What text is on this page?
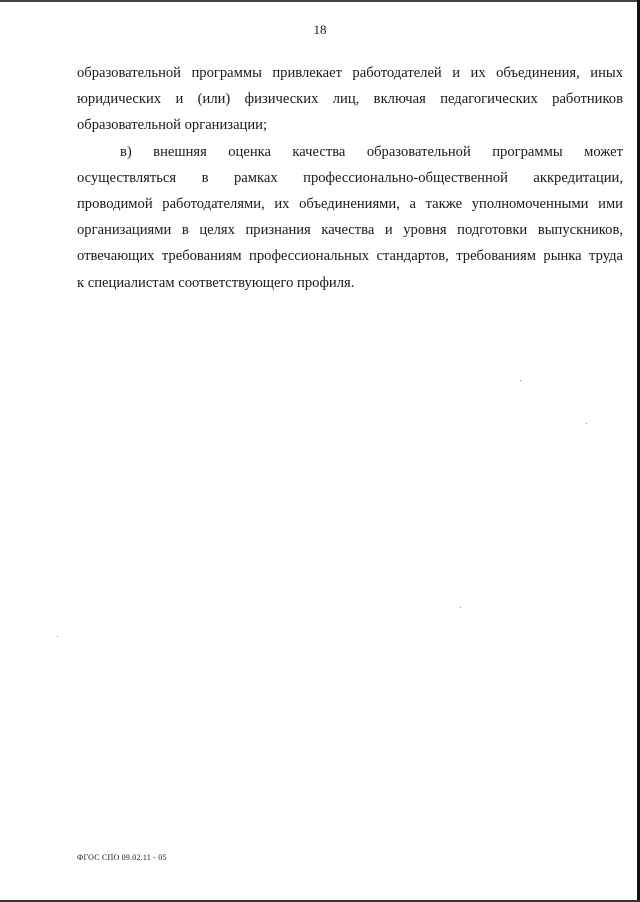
18
образовательной программы привлекает работодателей и их объединения, иных
юридических и (или) физических лиц, включая педагогических работников
образовательной организации;
в) внешняя оценка качества образовательной программы может
осуществляться в рамках профессионально-общественной аккредитации,
проводимой работодателями, их объединениями, а также уполномоченными ими
организациями в целях признания качества и уровня подготовки выпускников,
отвечающих требованиям профессиональных стандартов, требованиям рынка труда
к специалистам соответствующего профиля.
ФГОС СПО 09.02.11 - 05
